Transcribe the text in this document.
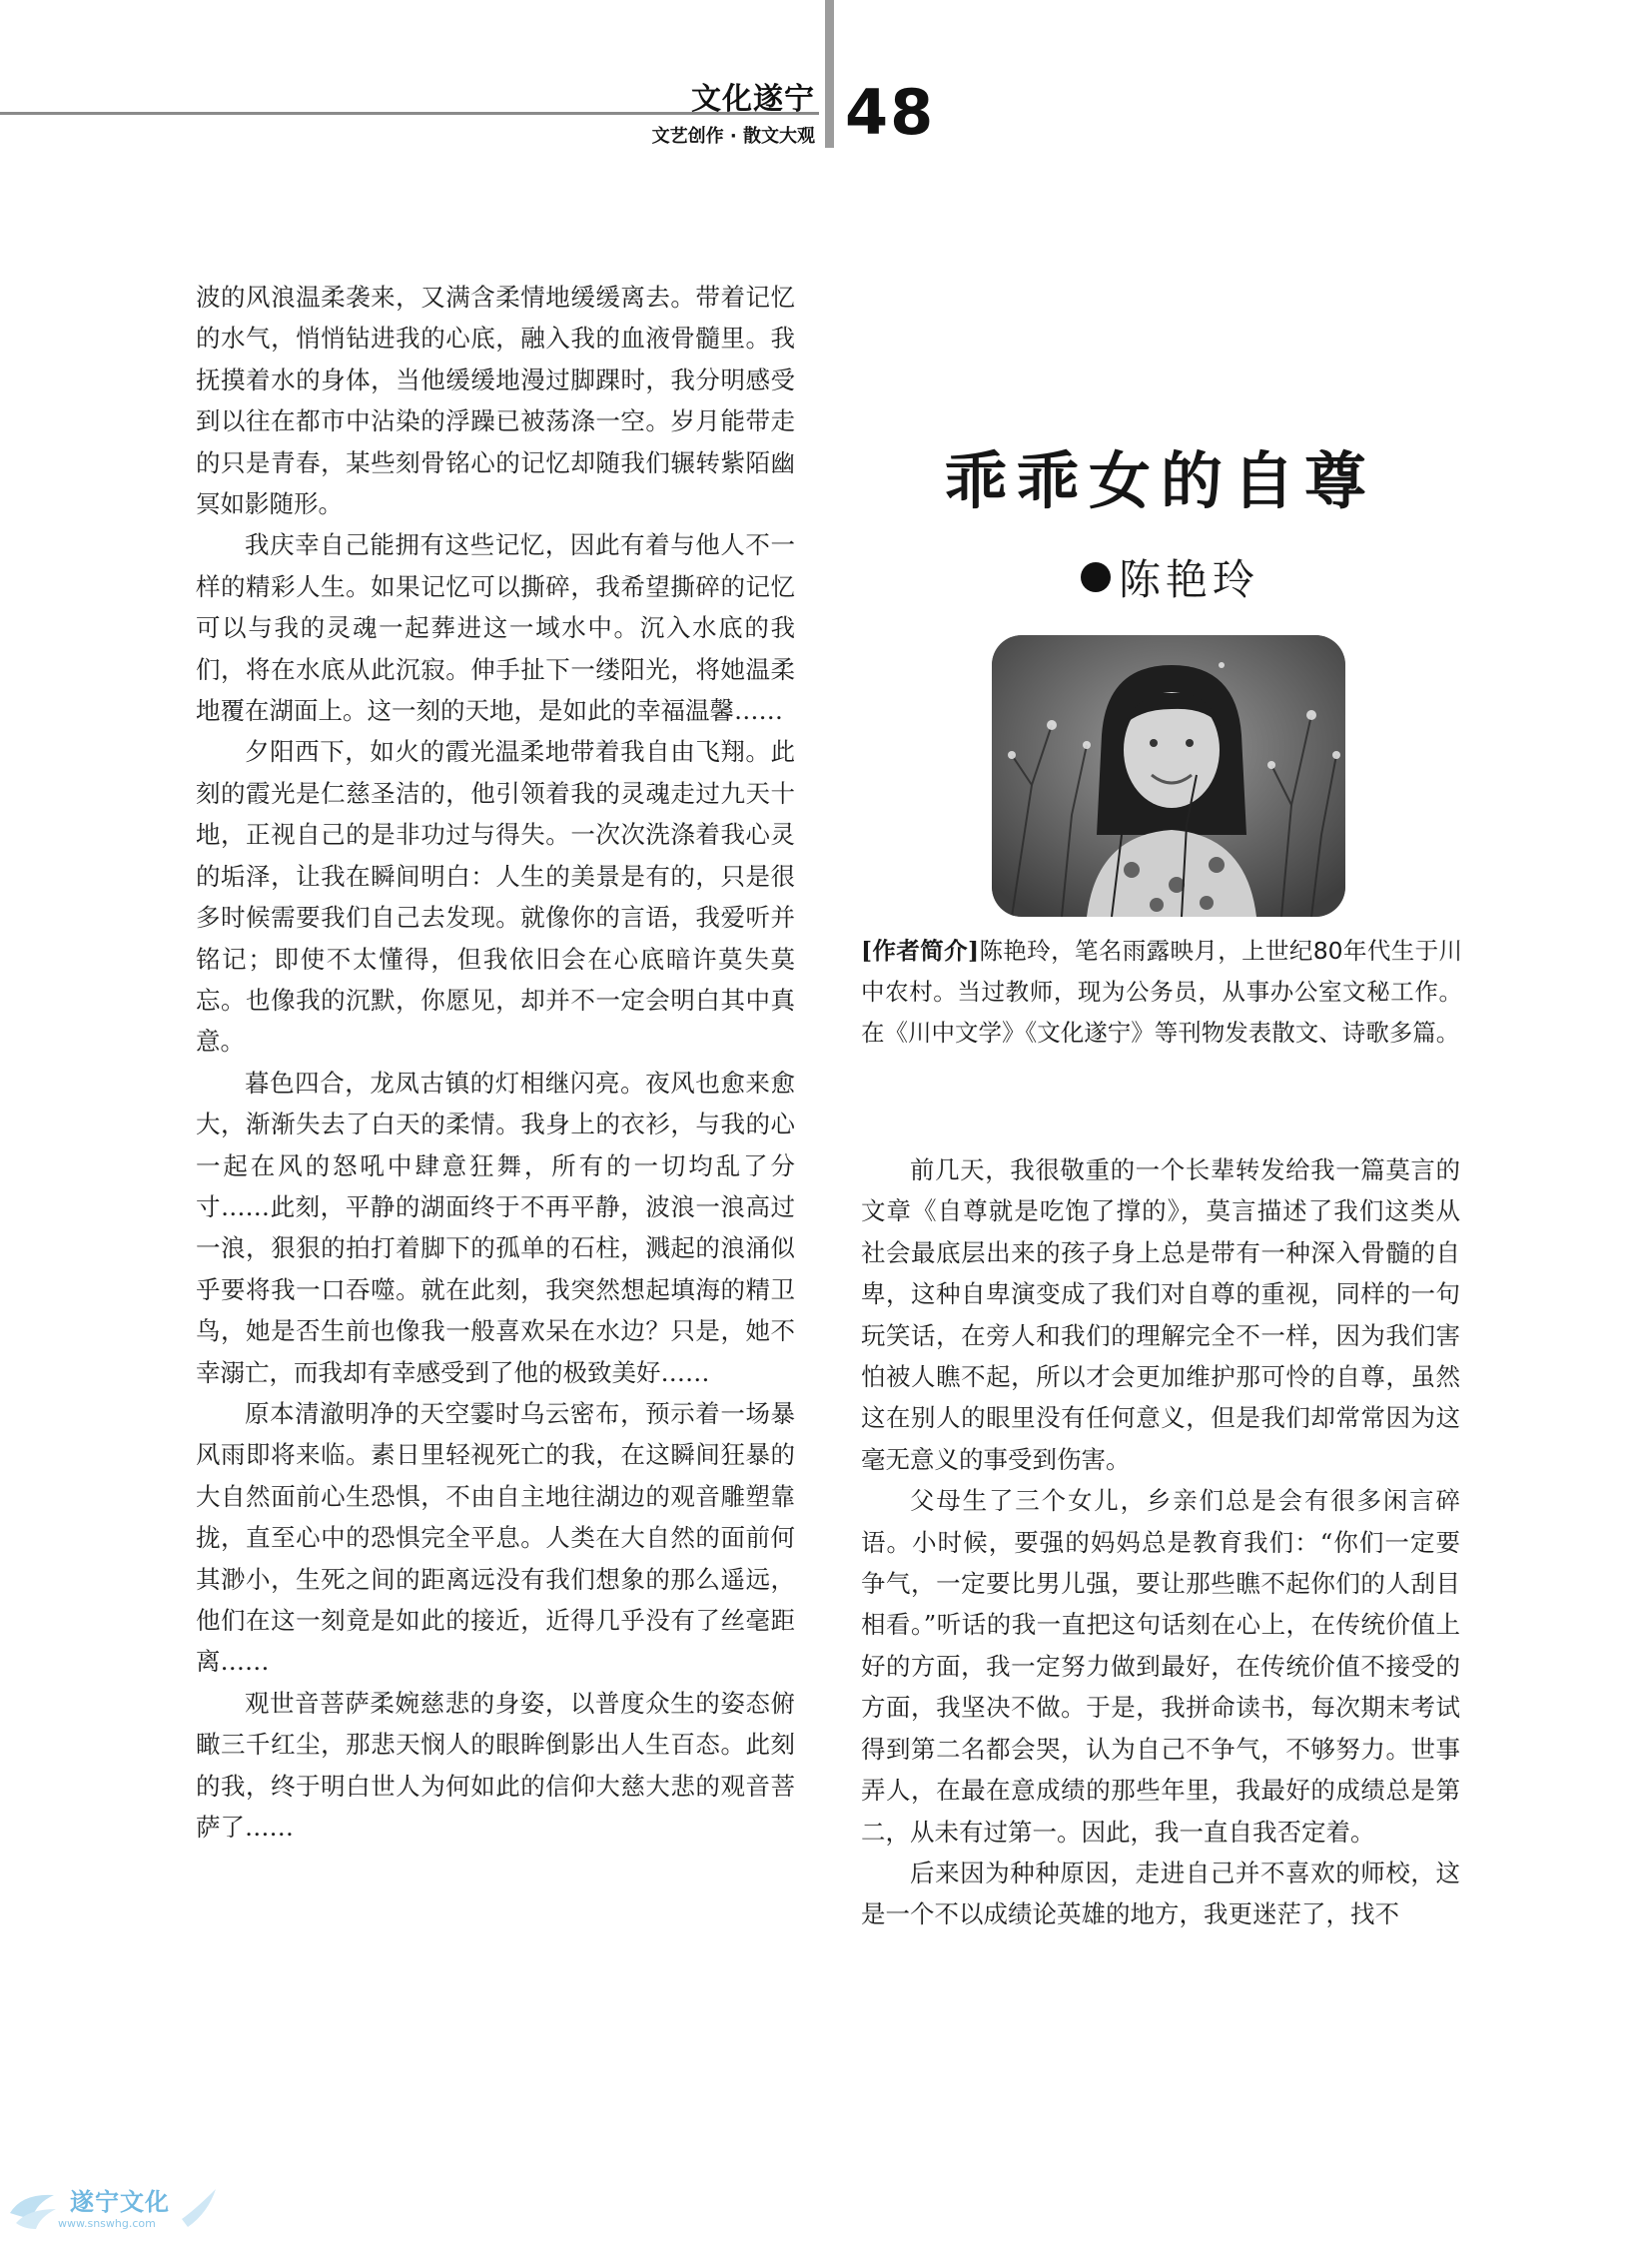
文化遂宁
文艺创作 · 散文大观 48

波的风浪温柔袭来，又满含柔情地缓缓离去。带着记忆的水气，悄悄钻进我的心底，融入我的血液骨髓里。我抚摸着水的身体，当他缓缓地漫过脚踝时，我分明感受到以往在都市中沾染的浮躁已被荡涤一空。岁月能带走的只是青春，某些刻骨铭心的记忆却随我们辗转紫陌幽冥如影随形。

我庆幸自己能拥有这些记忆，因此有着与他人不一样的精彩人生。如果记忆可以撕碎，我希望撕碎的记忆可以与我的灵魂一起葬进这一域水中。沉入水底的我们，将在水底从此沉寂。伸手扯下一缕阳光，将她温柔地覆在湖面上。这一刻的天地，是如此的幸福温馨……

夕阳西下，如火的霞光温柔地带着我自由飞翔。此刻的霞光是仁慈圣洁的，他引领着我的灵魂走过九天十地，正视自己的是非功过与得失。一次次洗涤着我心灵的垢泽，让我在瞬间明白：人生的美景是有的，只是很多时候需要我们自己去发现。就像你的言语，我爱听并铭记；即使不太懂得，但我依旧会在心底暗许莫失莫忘。也像我的沉默，你愿见，却并不一定会明白其中真意。

暮色四合，龙凤古镇的灯相继闪亮。夜风也愈来愈大，渐渐失去了白天的柔情。我身上的衣衫，与我的心一起在风的怒吼中肆意狂舞，所有的一切均乱了分寸……此刻，平静的湖面终于不再平静，波浪一浪高过一浪，狠狠的拍打着脚下的孤单的石柱，溅起的浪涌似乎要将我一口吞噬。就在此刻，我突然想起填海的精卫鸟，她是否生前也像我一般喜欢呆在水边？只是，她不幸溺亡，而我却有幸感受到了他的极致美好……

原本清澈明净的天空霎时乌云密布，预示着一场暴风雨即将来临。素日里轻视死亡的我，在这瞬间狂暴的大自然面前心生恐惧，不由自主地往湖边的观音雕塑靠拢，直至心中的恐惧完全平息。人类在大自然的面前何其渺小，生死之间的距离远没有我们想象的那么遥远，他们在这一刻竟是如此的接近，近得几乎没有了丝毫距离……

观世音菩萨柔婉慈悲的身姿，以普度众生的姿态俯瞰三千红尘，那悲天悯人的眼眸倒影出人生百态。此刻的我，终于明白世人为何如此的信仰大慈大悲的观音菩萨了……

乖乖女的自尊
陈艳玲
[作者简介]陈艳玲，笔名雨露映月，上世纪80年代生于川中农村。当过教师，现为公务员，从事办公室文秘工作。在《川中文学》《文化遂宁》等刊物发表散文、诗歌多篇。

前几天，我很敬重的一个长辈转发给我一篇莫言的文章《自尊就是吃饱了撑的》，莫言描述了我们这类从社会最底层出来的孩子身上总是带有一种深入骨髓的自卑，这种自卑演变成了我们对自尊的重视，同样的一句玩笑话，在旁人和我们的理解完全不一样，因为我们害怕被人瞧不起，所以才会更加维护那可怜的自尊，虽然这在别人的眼里没有任何意义，但是我们却常常因为这毫无意义的事受到伤害。

父母生了三个女儿，乡亲们总是会有很多闲言碎语。小时候，要强的妈妈总是教育我们：“你们一定要争气，一定要比男儿强，要让那些瞧不起你们的人刮目相看。”听话的我一直把这句话刻在心上，在传统价值上好的方面，我一定努力做到最好，在传统价值不接受的方面，我坚决不做。于是，我拼命读书，每次期末考试得到第二名都会哭，认为自己不争气，不够努力。世事弄人，在最在意成绩的那些年里，我最好的成绩总是第二，从未有过第一。因此，我一直自我否定着。

后来因为种种原因，走进自己并不喜欢的师校，这是一个不以成绩论英雄的地方，我更迷茫了，找不

遂宁文化
www.snswhg.com
